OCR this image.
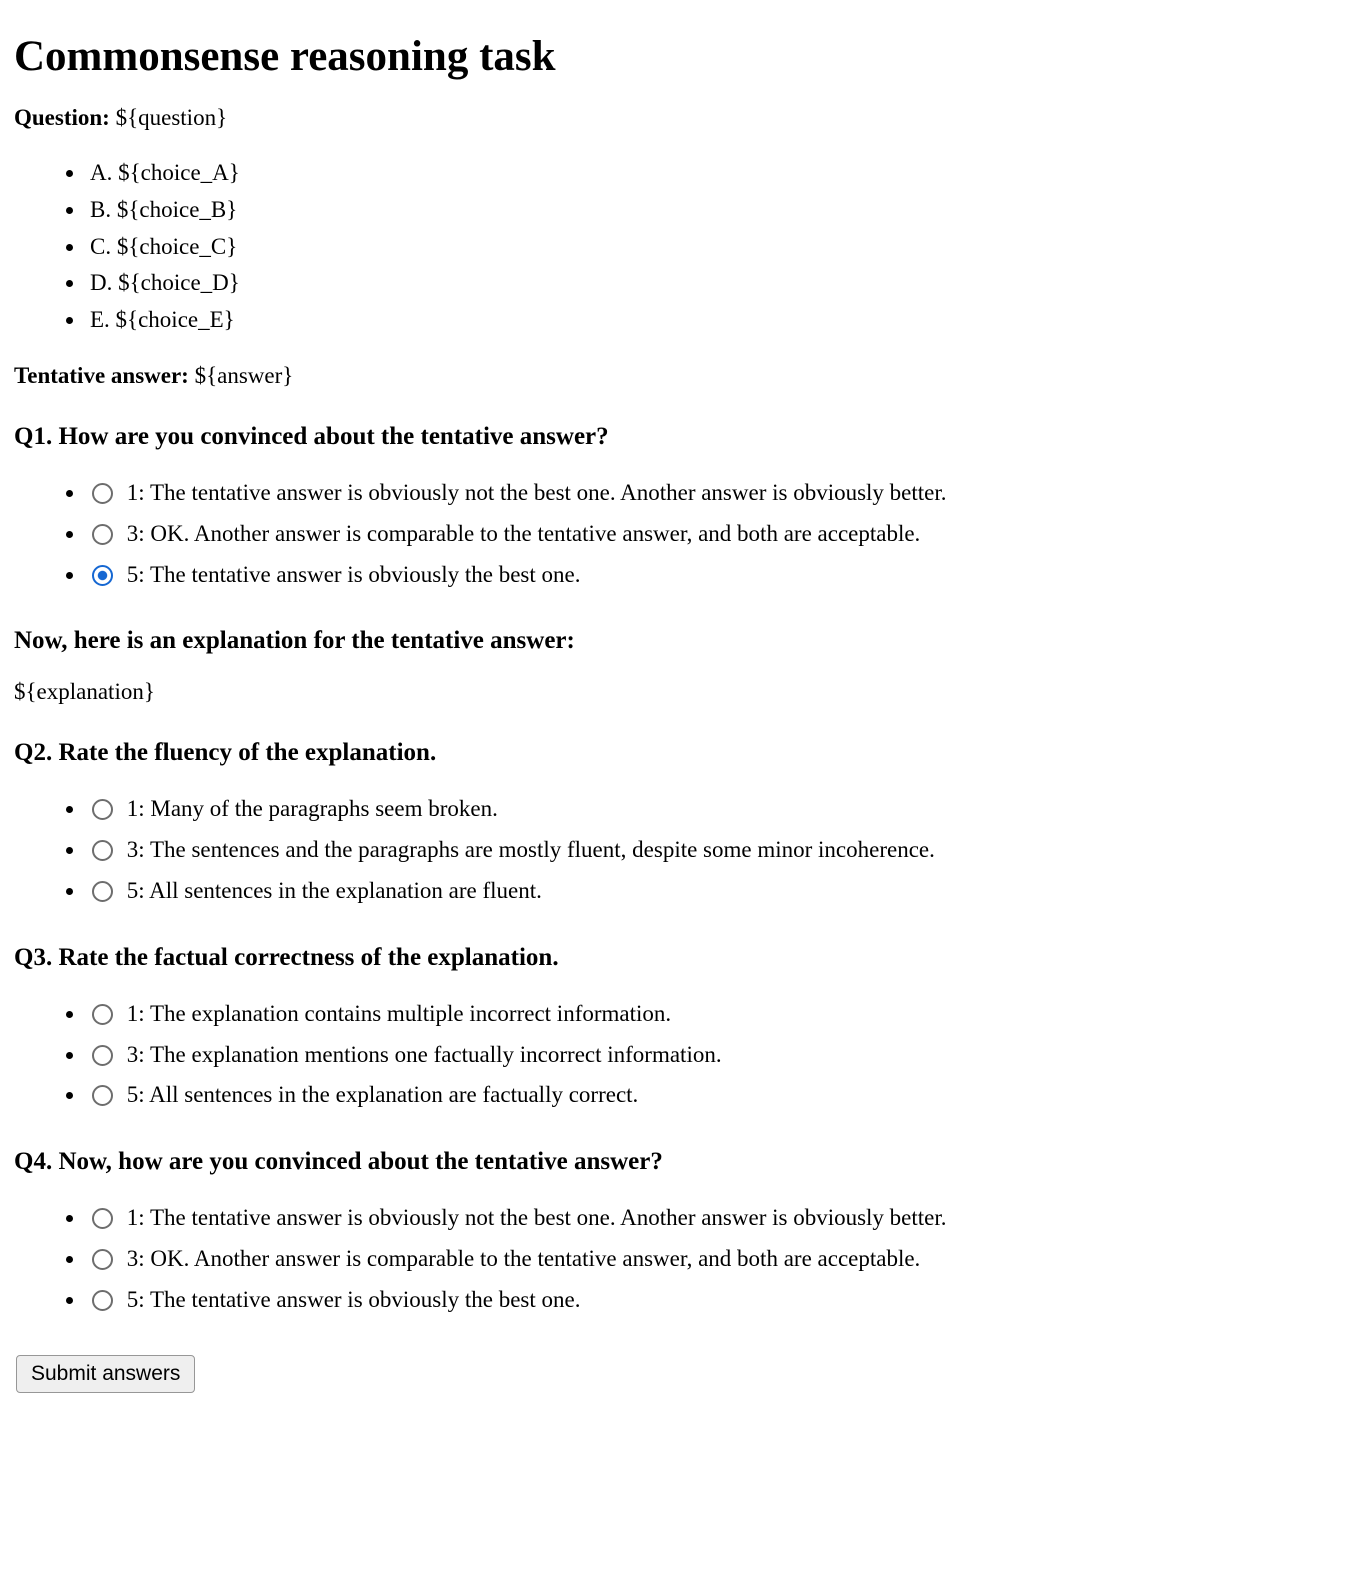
Commonsense reasoning task

Question: ${question}

• A. ${choice_A}
• B. ${choice_B}
• C. ${choice_C}
• D. ${choice_D}
• E. ${choice_E}

Tentative answer: ${answer}

Q1. How are you convinced about the tentative answer?
• 1: The tentative answer is obviously not the best one. Another answer is obviously better.
• 3: OK. Another answer is comparable to the tentative answer, and both are acceptable.
• 5: The tentative answer is obviously the best one.
Now, here is an explanation for the tentative answer:

${explanation}

Q2. Rate the fluency of the explanation.
• 1: Many of the paragraphs seem broken.
• 3: The sentences and the paragraphs are mostly fluent, despite some minor incoherence.
• 5: All sentences in the explanation are fluent.
Q3. Rate the factual correctness of the explanation.
• 1: The explanation contains multiple incorrect information.
• 3: The explanation mentions one factually incorrect information.
• 5: All sentences in the explanation are factually correct.
Q4. Now, how are you convinced about the tentative answer?
• 1: The tentative answer is obviously not the best one. Another answer is obviously better.
• 3: OK. Another answer is comparable to the tentative answer, and both are acceptable.
• 5: The tentative answer is obviously the best one.
Submit answers
